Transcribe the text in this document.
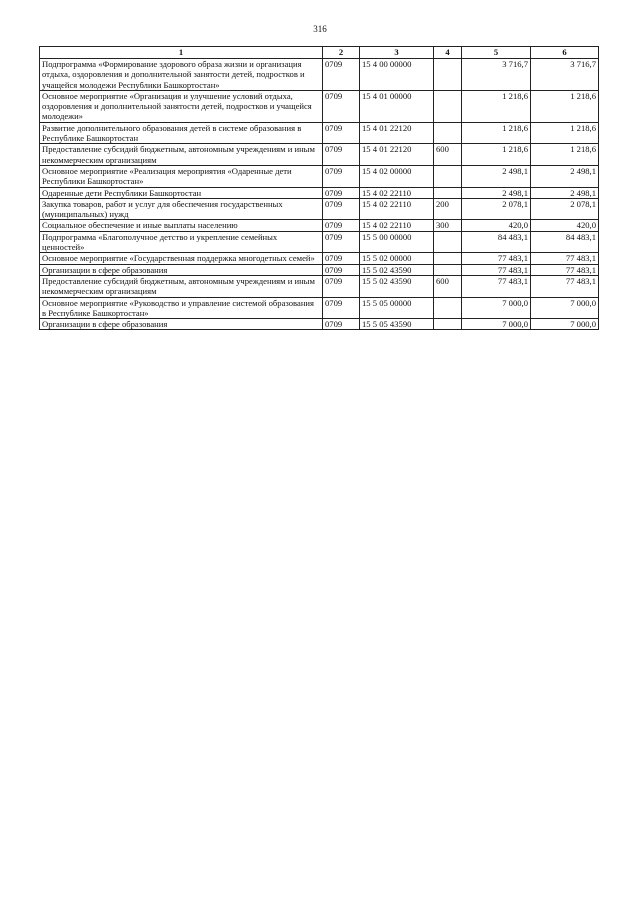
316
1	2	3	4	5	6
Подпрограмма «Формирование здорового образа жизни и организация отдыха, оздоровления и дополнительной занятости детей, подростков и учащейся молодежи Республики Башкортостан»	0709	15 4 00 00000		3 716,7	3 716,7
Основное мероприятие «Организация и улучшение условий отдыха, оздоровления и дополнительной занятости детей, подростков и учащейся молодежи»	0709	15 4 01 00000		1 218,6	1 218,6
Развитие дополнительного образования детей в системе образования в Республике Башкортостан	0709	15 4 01 22120		1 218,6	1 218,6
Предоставление субсидий бюджетным, автономным учреждениям и иным некоммерческим организациям	0709	15 4 01 22120	600	1 218,6	1 218,6
Основное мероприятие «Реализация мероприятия «Одаренные дети Республики Башкортостан»	0709	15 4 02 00000		2 498,1	2 498,1
Одаренные дети Республики Башкортостан	0709	15 4 02 22110		2 498,1	2 498,1
Закупка товаров, работ и услуг для обеспечения государственных (муниципальных) нужд	0709	15 4 02 22110	200	2 078,1	2 078,1
Социальное обеспечение и иные выплаты населению	0709	15 4 02 22110	300	420,0	420,0
Подпрограмма «Благополучное детство и укрепление семейных ценностей»	0709	15 5 00 00000		84 483,1	84 483,1
Основное мероприятие «Государственная поддержка многодетных семей»	0709	15 5 02 00000		77 483,1	77 483,1
Организации в сфере образования	0709	15 5 02 43590		77 483,1	77 483,1
Предоставление субсидий бюджетным, автономным учреждениям и иным некоммерческим организациям	0709	15 5 02 43590	600	77 483,1	77 483,1
Основное мероприятие «Руководство и управление системой образования в Республике Башкортостан»	0709	15 5 05 00000		7 000,0	7 000,0
Организации в сфере образования	0709	15 5 05 43590		7 000,0	7 000,0
